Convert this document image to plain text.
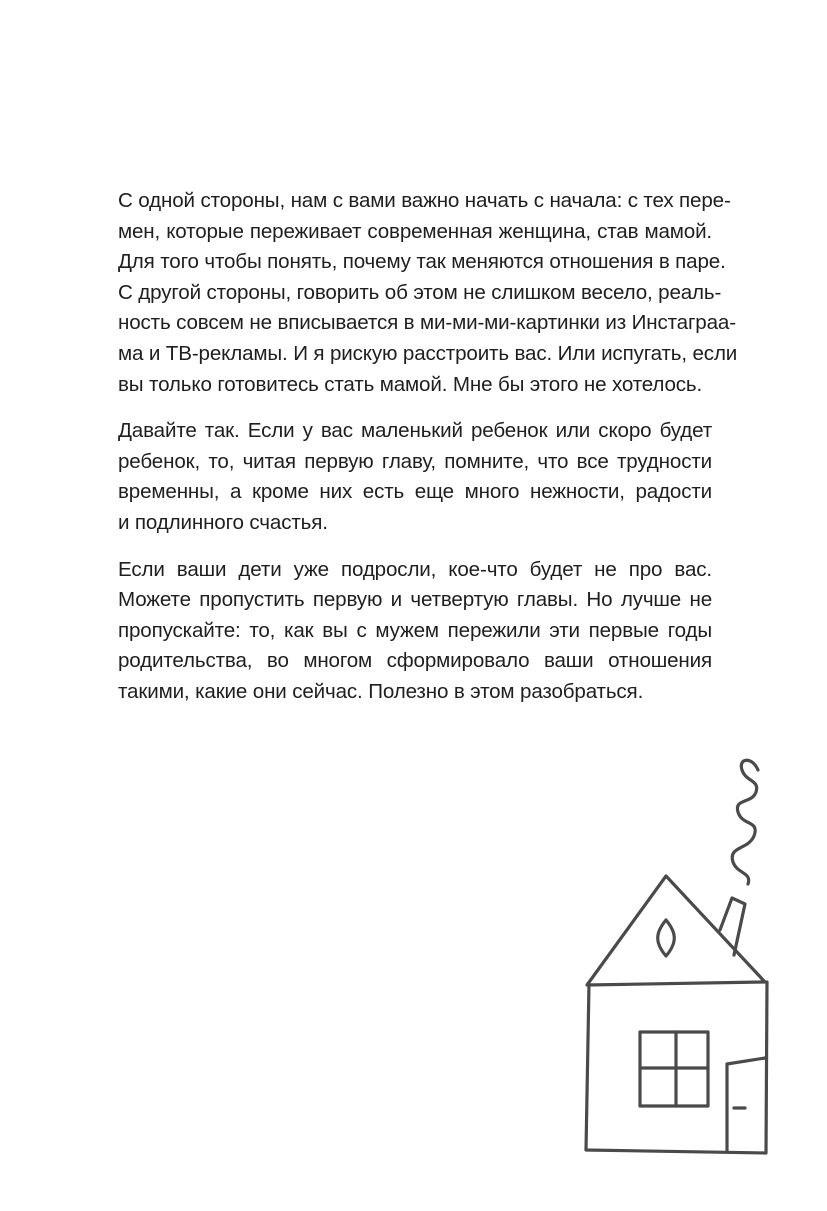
С одной стороны, нам с вами важно начать с начала: с тех пере-
мен, которые переживает современная женщина, став мамой.
Для того чтобы понять, почему так меняются отношения в паре.
С другой стороны, говорить об этом не слишком весело, реаль-
ность совсем не вписывается в ми-ми-ми-картинки из Инстаграа-
ма и ТВ-рекламы. И я рискую расстроить вас. Или испугать, если
вы только готовитесь стать мамой. Мне бы этого не хотелось.
Давайте так. Если у вас маленький ребенок или скоро будет
ребенок, то, читая первую главу, помните, что все трудности
временны, а кроме них есть еще много нежности, радости
и подлинного счастья.
Если ваши дети уже подросли, кое-что будет не про вас.
Можете пропустить первую и четвертую главы. Но лучше не
пропускайте: то, как вы с мужем пережили эти первые годы
родительства, во многом сформировало ваши отношения
такими, какие они сейчас. Полезно в этом разобраться.
